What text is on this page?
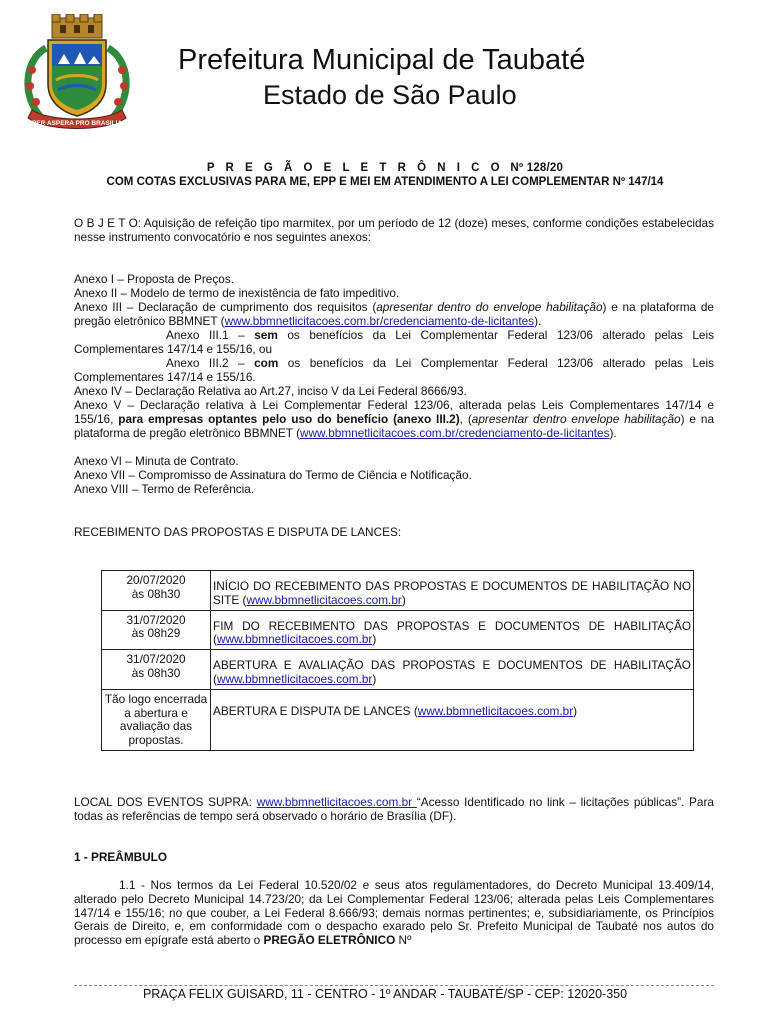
PER ASPERA PRO BRASILIA
Prefeitura Municipal de Taubaté
Estado de São Paulo
P R E G Ã O E L E T R Ô N I C O Nº 128/20
COM COTAS EXCLUSIVAS PARA ME, EPP E MEI EM ATENDIMENTO A LEI COMPLEMENTAR Nº 147/14
O B J E T O: Aquisição de refeição tipo marmitex, por um período de 12 (doze) meses, conforme condições estabelecidas nesse instrumento convocatório e nos seguintes anexos:
Anexo I – Proposta de Preços.
Anexo II – Modelo de termo de inexistência de fato impeditivo.
Anexo III – Declaração de cumprimento dos requisitos (apresentar dentro do envelope habilitação) e na plataforma de pregão eletrônico BBMNET (www.bbmnetlicitacoes.com.br/credenciamento-de-licitantes).
Anexo III.1 – sem os benefícios da Lei Complementar Federal 123/06 alterado pelas Leis
Complementares 147/14 e 155/16, ou
Anexo III.2 – com os benefícios da Lei Complementar Federal 123/06 alterado pelas Leis
Complementares 147/14 e 155/16.
Anexo IV – Declaração Relativa ao Art.27, inciso V da Lei Federal 8666/93.
Anexo V – Declaração relativa à Lei Complementar Federal 123/06, alterada pelas Leis Complementares 147/14 e 155/16, para empresas optantes pelo uso do benefício (anexo III.2), (apresentar dentro envelope habilitação) e na plataforma de pregão eletrônico BBMNET (www.bbmnetlicitacoes.com.br/credenciamento-de-licitantes).
Anexo VI – Minuta de Contrato.
Anexo VII – Compromisso de Assinatura do Termo de Ciência e Notificação.
Anexo VIII – Termo de Referência.
RECEBIMENTO DAS PROPOSTAS E DISPUTA DE LANCES:
20/07/2020
às 08h30	INÍCIO DO RECEBIMENTO DAS PROPOSTAS E DOCUMENTOS DE HABILITAÇÃO NO SITE (www.bbmnetlicitacoes.com.br)

31/07/2020
às 08h29	FIM DO RECEBIMENTO DAS PROPOSTAS E DOCUMENTOS DE HABILITAÇÃO (www.bbmnetlicitacoes.com.br)

31/07/2020
às 08h30	ABERTURA E AVALIAÇÃO DAS PROPOSTAS E DOCUMENTOS DE HABILITAÇÃO (www.bbmnetlicitacoes.com.br)

Tão logo encerrada a abertura e avaliação das propostas.	ABERTURA E DISPUTA DE LANCES (www.bbmnetlicitacoes.com.br)
LOCAL DOS EVENTOS SUPRA: www.bbmnetlicitacoes.com.br “Acesso Identificado no link – licitações públicas”. Para todas as referências de tempo será observado o horário de Brasília (DF).
1 - PREÂMBULO
1.1 - Nos termos da Lei Federal 10.520/02 e seus atos regulamentadores, do Decreto Municipal 13.409/14, alterado pelo Decreto Municipal 14.723/20; da Lei Complementar Federal 123/06; alterada pelas Leis Complementares 147/14 e 155/16; no que couber, a Lei Federal 8.666/93; demais normas pertinentes; e, subsidiariamente, os Princípios Gerais de Direito, e, em conformidade com o despacho exarado pelo Sr. Prefeito Municipal de Taubaté nos autos do processo em epígrafe está aberto o PREGÃO ELETRÔNICO Nº
PRAÇA FELIX GUISARD, 11 - CENTRO - 1º ANDAR - TAUBATÉ/SP - CEP: 12020-350
